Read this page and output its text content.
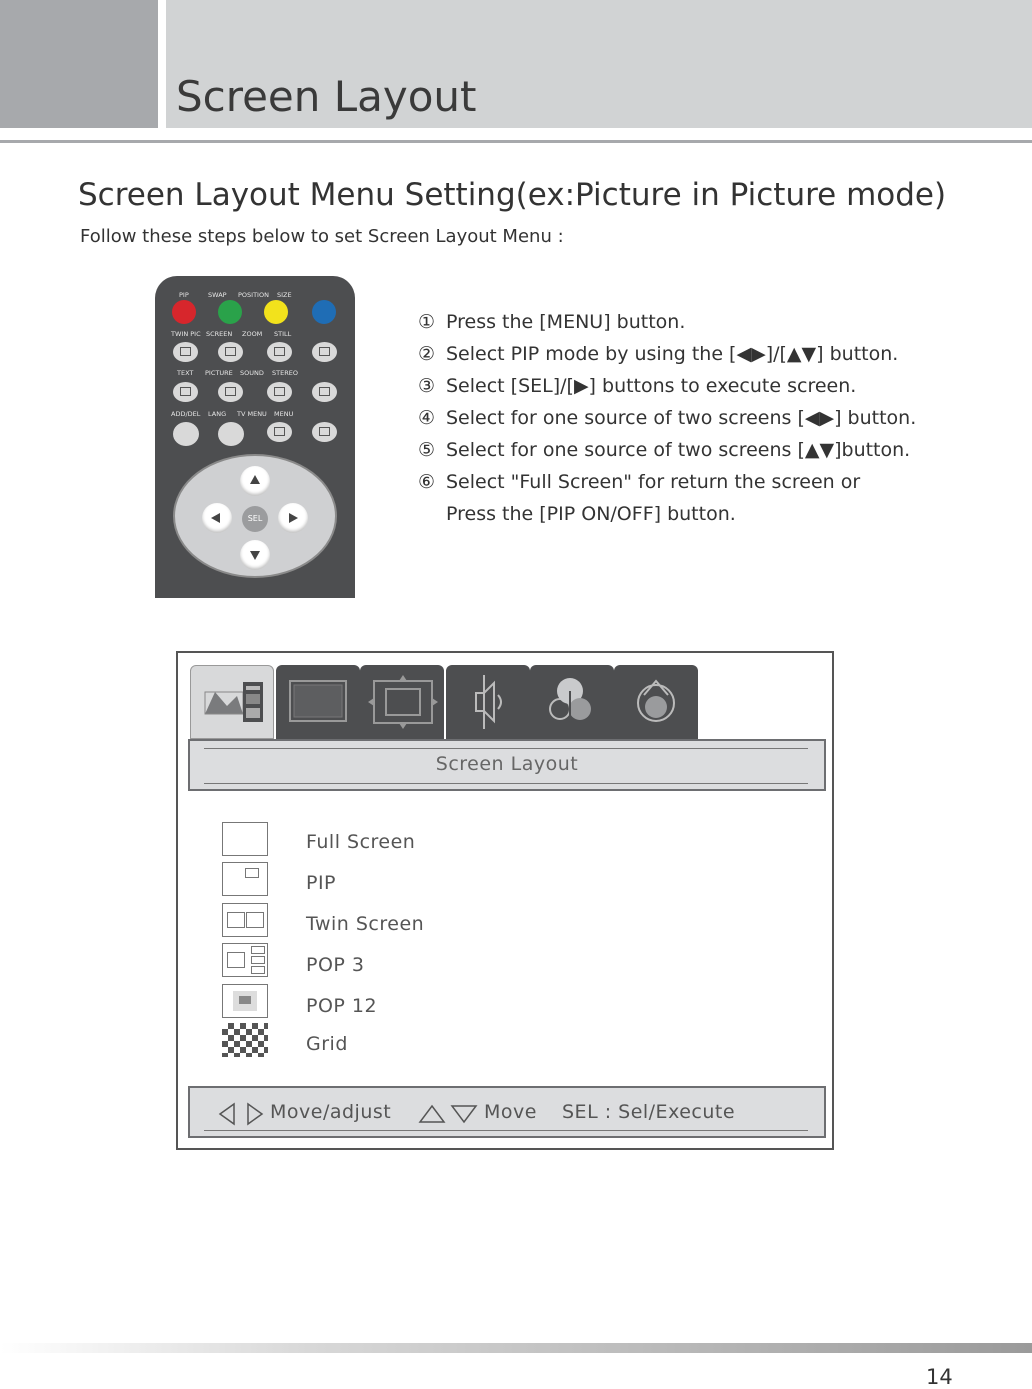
Screen Layout
Screen Layout Menu Setting(ex:Picture in Picture mode)
Follow these steps below to set Screen Layout Menu :
PIP	SWAP POSITION SIZE
TWIN PIC SCREEN ZOOM STILL
TEXT PICTURE SOUND STEREO
ADD/DEL LANG TV MENU MENU
SEL
① Press the [MENU] button.
② Select PIP mode by using the [◀▶]/[▲▼] button.
③ Select [SEL]/[▶] buttons to execute screen.
④ Select for one source of two screens [◀▶] button.
⑤ Select for one source of two screens [▲▼]button.
⑥ Select "Full Screen" for return the screen or
Press the [PIP ON/OFF] button.
Screen Layout
Full Screen
PIP
Twin Screen
POP 3
POP 12
Grid
Move/adjust	Move SEL : Sel/Execute
14
